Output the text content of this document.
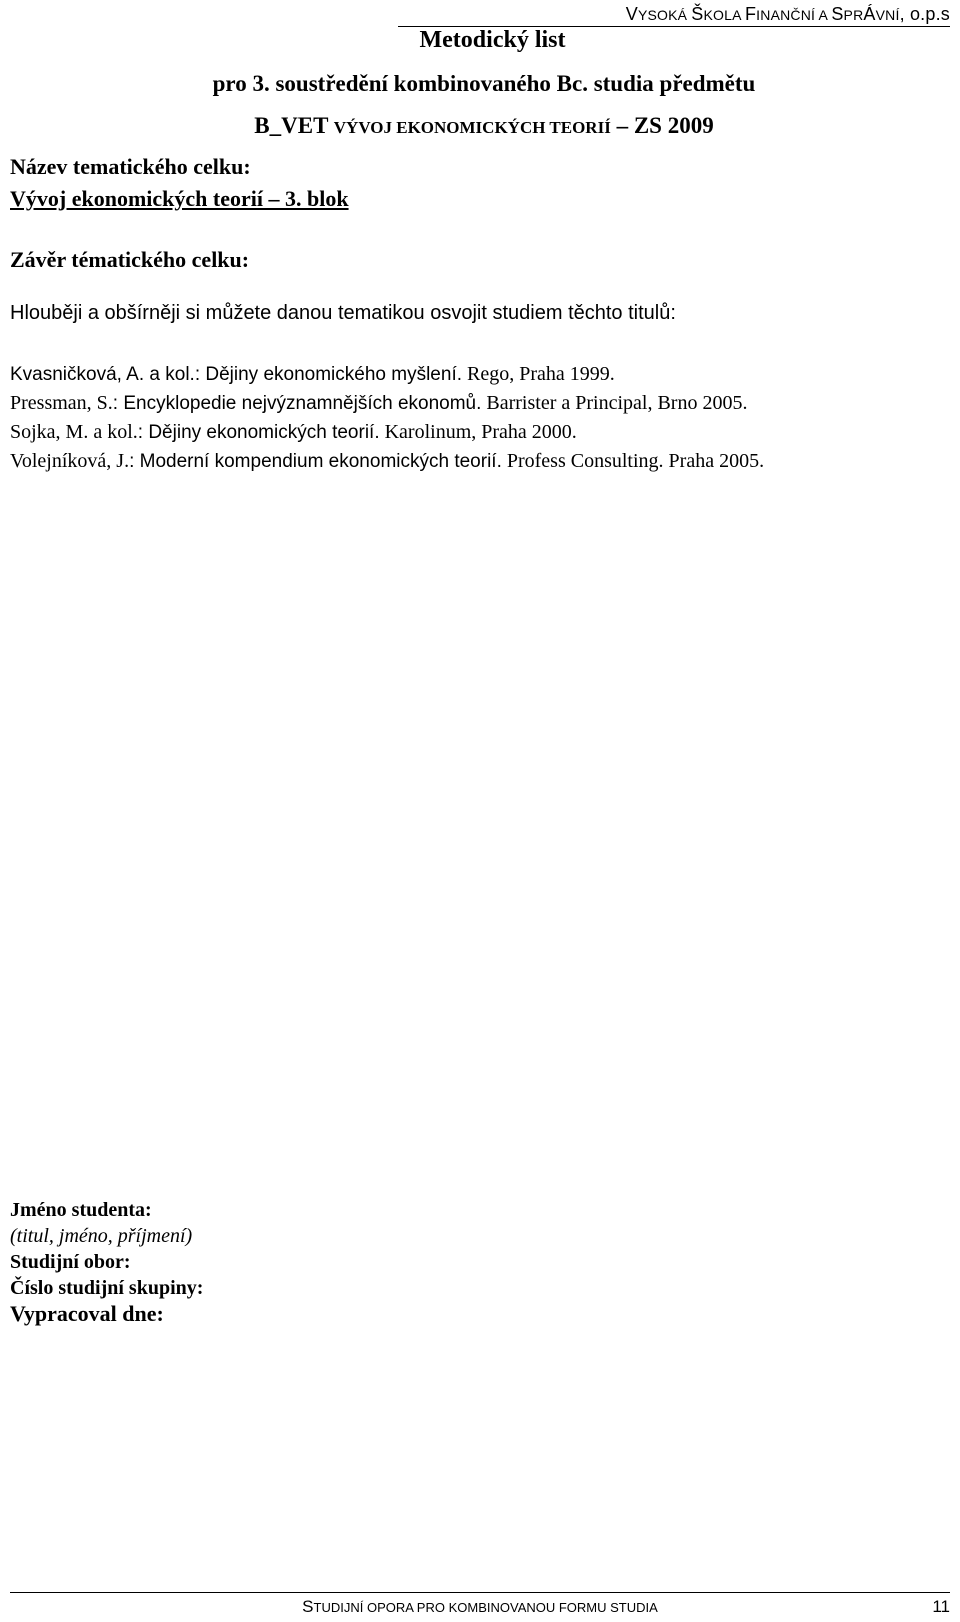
VYSOKÁ ŠKOLA FINANČNÍ A SPRÁVNÍ, o.p.s
Metodický list
pro 3. soustředění kombinovaného Bc. studia předmětu
B_VET VÝVOJ EKONOMICKÝCH TEORIÍ – ZS 2009
Název tematického celku:
Vývoj ekonomických teorií – 3. blok
Závěr tématického celku:
Hlouběji a obšírněji si můžete danou tematikou osvojit studiem těchto titulů:
Kvasničková, A. a kol.: Dějiny ekonomického myšlení. Rego, Praha 1999.
Pressman, S.: Encyklopedie nejvýznamnějších ekonomů. Barrister a Principal, Brno 2005.
Sojka, M. a kol.: Dějiny ekonomických teorií. Karolinum, Praha 2000.
Volejníková, J.: Moderní kompendium ekonomických teorií. Profess Consulting. Praha 2005.
Jméno studenta:
(titul, jméno, příjmení)
Studijní obor:
Číslo studijní skupiny:
Vypracoval dne:
STUDIJNÍ OPORA PRO KOMBINOVANOU FORMU STUDIA	11
